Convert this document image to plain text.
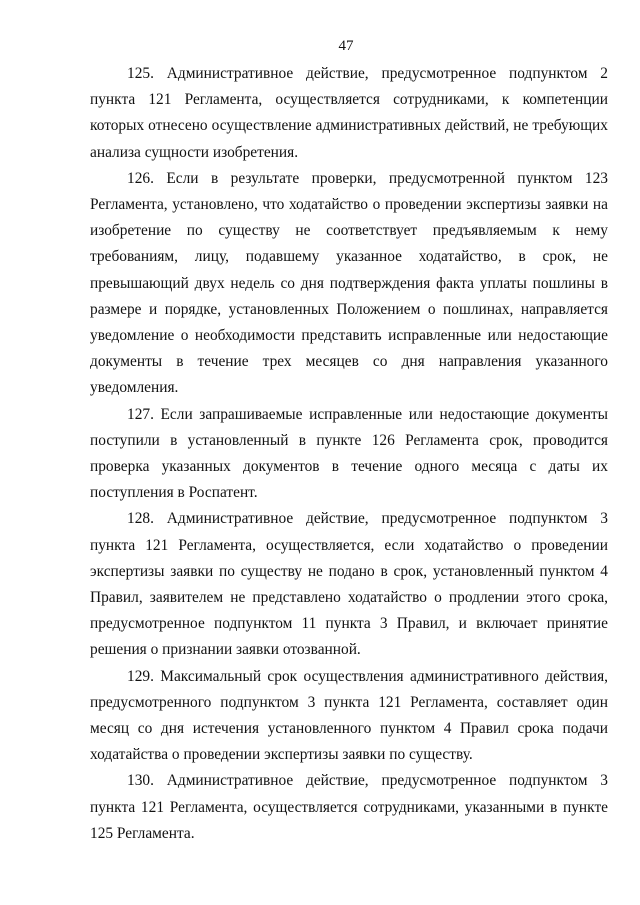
47

125. Административное действие, предусмотренное подпунктом 2 пункта 121 Регламента, осуществляется сотрудниками, к компетенции которых отнесено осуществление административных действий, не требующих анализа сущности изобретения.

126. Если в результате проверки, предусмотренной пунктом 123 Регламента, установлено, что ходатайство о проведении экспертизы заявки на изобретение по существу не соответствует предъявляемым к нему требованиям, лицу, подавшему указанное ходатайство, в срок, не превышающий двух недель со дня подтверждения факта уплаты пошлины в размере и порядке, установленных Положением о пошлинах, направляется уведомление о необходимости представить исправленные или недостающие документы в течение трех месяцев со дня направления указанного уведомления.

127. Если запрашиваемые исправленные или недостающие документы поступили в установленный в пункте 126 Регламента срок, проводится проверка указанных документов в течение одного месяца с даты их поступления в Роспатент.

128. Административное действие, предусмотренное подпунктом 3 пункта 121 Регламента, осуществляется, если ходатайство о проведении экспертизы заявки по существу не подано в срок, установленный пунктом 4 Правил, заявителем не представлено ходатайство о продлении этого срока, предусмотренное подпунктом 11 пункта 3 Правил, и включает принятие решения о признании заявки отозванной.

129. Максимальный срок осуществления административного действия, предусмотренного подпунктом 3 пункта 121 Регламента, составляет один месяц со дня истечения установленного пунктом 4 Правил срока подачи ходатайства о проведении экспертизы заявки по существу.

130. Административное действие, предусмотренное подпунктом 3 пункта 121 Регламента, осуществляется сотрудниками, указанными в пункте 125 Регламента.
